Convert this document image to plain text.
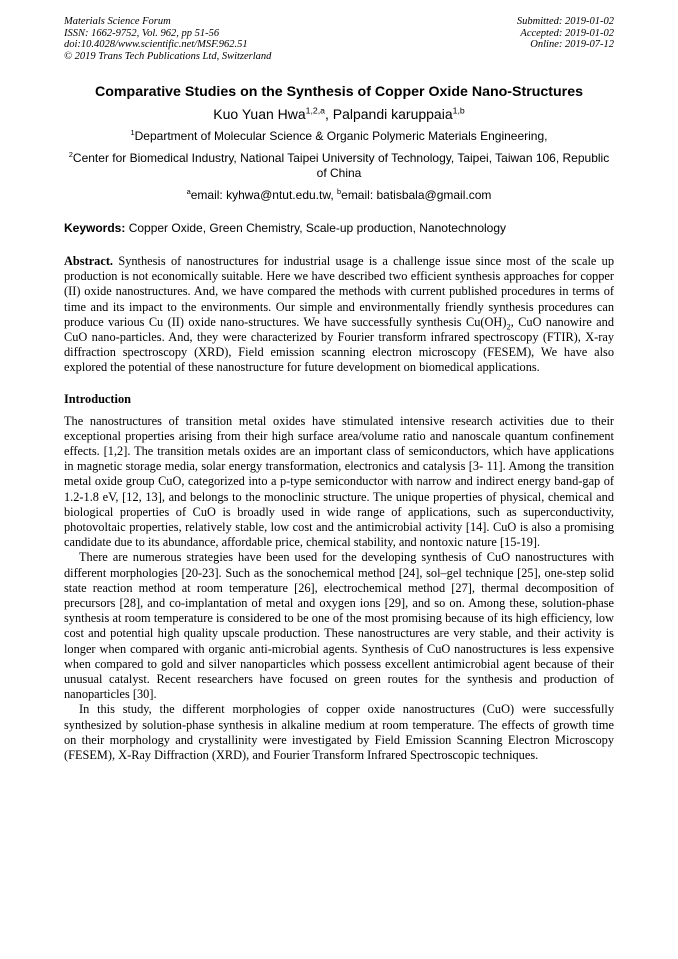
Materials Science Forum
ISSN: 1662-9752, Vol. 962, pp 51-56
doi:10.4028/www.scientific.net/MSF.962.51
© 2019 Trans Tech Publications Ltd, Switzerland
Submitted: 2019-01-02
Accepted: 2019-01-02
Online: 2019-07-12
Comparative Studies on the Synthesis of Copper Oxide Nano-Structures
Kuo Yuan Hwa$^{1,2,a}$, Palpandi karuppaia$^{1,b}$
$^1$Department of Molecular Science & Organic Polymeric Materials Engineering,
$^2$Center for Biomedical Industry, National Taipei University of Technology, Taipei, Taiwan 106, Republic of China
$^a$email: kyhwa@ntut.edu.tw, $^b$email: batisbala@gmail.com
Keywords: Copper Oxide, Green Chemistry, Scale-up production, Nanotechnology
Abstract. Synthesis of nanostructures for industrial usage is a challenge issue since most of the scale up production is not economically suitable. Here we have described two efficient synthesis approaches for copper (II) oxide nanostructures. And, we have compared the methods with current published procedures in terms of time and its impact to the environments. Our simple and environmentally friendly synthesis procedures can produce various Cu (II) oxide nano-structures. We have successfully synthesis $Cu(OH)_2$, CuO nanowire and CuO nano-particles. And, they were characterized by Fourier transform infrared spectroscopy (FTIR), X-ray diffraction spectroscopy (XRD), Field emission scanning electron microscopy (FESEM), We have also explored the potential of these nanostructure for future development on biomedical applications.
Introduction
The nanostructures of transition metal oxides have stimulated intensive research activities due to their exceptional properties arising from their high surface area/volume ratio and nanoscale quantum confinement effects. [1,2]. The transition metals oxides are an important class of semiconductors, which have applications in magnetic storage media, solar energy transformation, electronics and catalysis [3- 11]. Among the transition metal oxide group CuO, categorized into a p-type semiconductor with narrow and indirect energy band-gap of 1.2-1.8 eV, [12, 13], and belongs to the monoclinic structure. The unique properties of physical, chemical and biological properties of CuO is broadly used in wide range of applications, such as superconductivity, photovoltaic properties, relatively stable, low cost and the antimicrobial activity [14]. CuO is also a promising candidate due to its abundance, affordable price, chemical stability, and nontoxic nature [15-19].
There are numerous strategies have been used for the developing synthesis of CuO nanostructures with different morphologies [20-23]. Such as the sonochemical method [24], sol–gel technique [25], one-step solid state reaction method at room temperature [26], electrochemical method [27], thermal decomposition of precursors [28], and co-implantation of metal and oxygen ions [29], and so on. Among these, solution-phase synthesis at room temperature is considered to be one of the most promising because of its high efficiency, low cost and potential high quality upscale production. These nanostructures are very stable, and their activity is longer when compared with organic anti-microbial agents. Synthesis of CuO nanostructures is less expensive when compared to gold and silver nanoparticles which possess excellent antimicrobial agent because of their unusual catalyst. Recent researchers have focused on green routes for the synthesis and production of nanoparticles [30].
In this study, the different morphologies of copper oxide nanostructures (CuO) were successfully synthesized by solution-phase synthesis in alkaline medium at room temperature. The effects of growth time on their morphology and crystallinity were investigated by Field Emission Scanning Electron Microscopy (FESEM), X-Ray Diffraction (XRD), and Fourier Transform Infrared Spectroscopic techniques.
